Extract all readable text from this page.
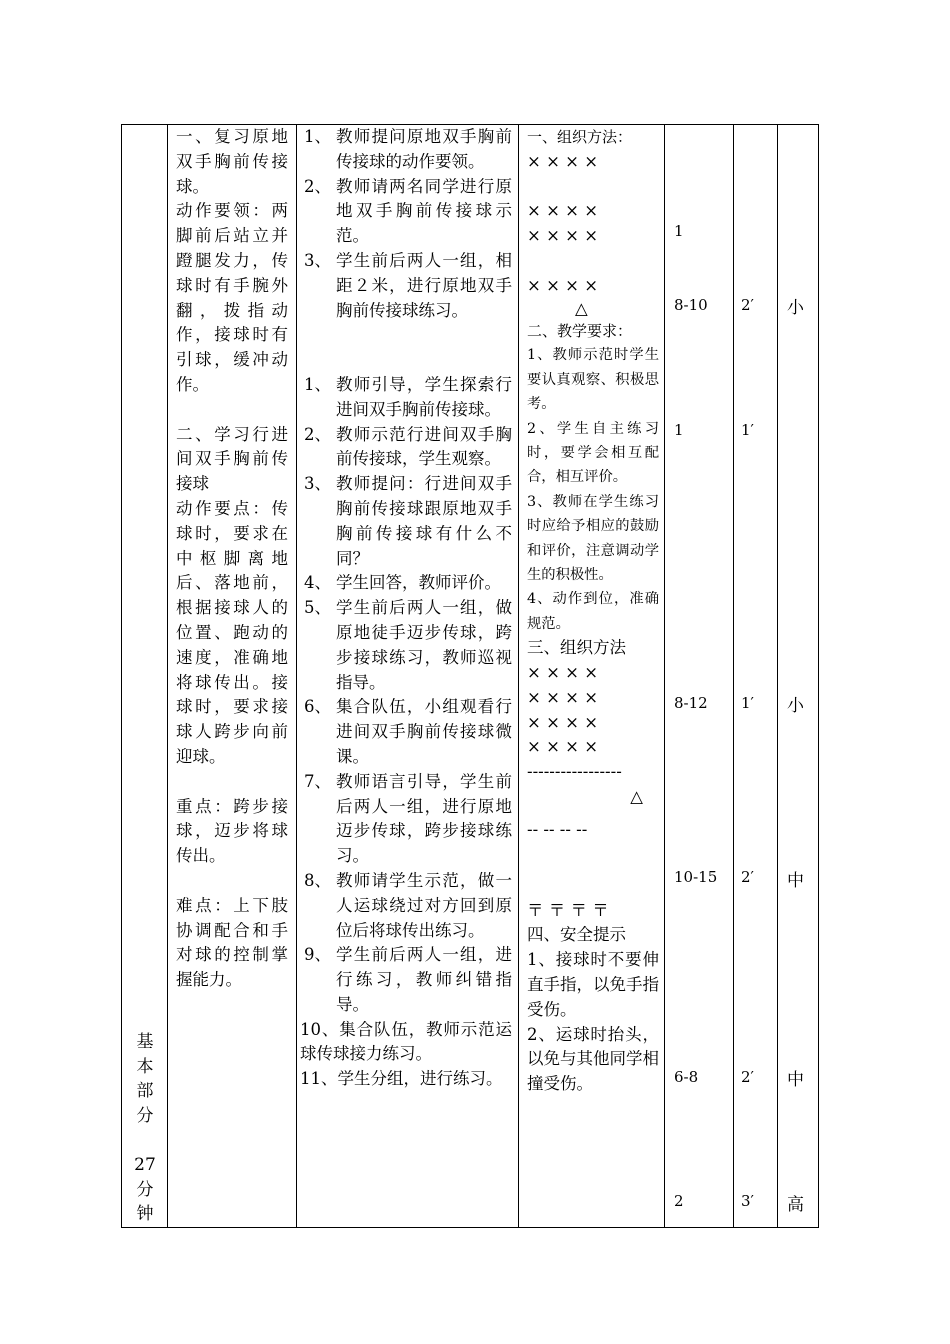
基
本
部
分
27
分
钟

一、复习原地双手胸前传接球。

动作要领：两脚前后站立并蹬腿发力，传球时有手腕外翻，拨指动作，接球时有引球，缓冲动作。

二、学习行进间双手胸前传接球

动作要点：传球时，要求在中枢脚离地后、落地前，根据接球人的位置、跑动的速度，准确地将球传出。接球时，要求接球人跨步向前迎球。

重点：跨步接球，迈步将球传出。

难点：上下肢协调配合和手对球的控制掌握能力。

1、 教师提问原地双手胸前传接球的动作要领。
2、 教师请两名同学进行原地双手胸前传接球示范。
3、 学生前后两人一组，相距２米，进行原地双手胸前传接球练习。
1、 教师引导，学生探索行进间双手胸前传接球。
2、 教师示范行进间双手胸前传接球，学生观察。
3、 教师提问：行进间双手胸前传接球跟原地双手胸前传接球有什么不同？
4、 学生回答，教师评价。
5、 学生前后两人一组，做原地徒手迈步传球，跨步接球练习，教师巡视指导。
6、 集合队伍，小组观看行进间双手胸前传接球微课。
7、 教师语言引导，学生前后两人一组，进行原地迈步传球，跨步接球练习。
8、 教师请学生示范，做一人运球绕过对方回到原位后将球传出练习。
9、 学生前后两人一组，进行练习，教师纠错指导。
10、集合队伍，教师示范运球传球接力练习。
11、学生分组，进行练习。
一、组织方法：
× × × ×
× × × ×
× × × ×
× × × ×
△
二、教学要求：
1、教师示范时学生要认真观察、积极思考。
2、学生自主练习时，要学会相互配合，相互评价。
3、教师在学生练习时应给予相应的鼓励和评价，注意调动学生的积极性。
4、动作到位，准确规范。
三、组织方法
× × × ×
× × × ×
× × × ×
× × × ×
-----------------
△
-- -- -- --
〒 〒 〒 〒
四、安全提示
1、接球时不要伸直手指，以免手指受伤。
2、运球时抬头，以免与其他同学相撞受伤。
1
8-10
1
8-12
10-15
6-8
2
2′
1′
1′
2′
2′
3′
小
小
中
中
高
